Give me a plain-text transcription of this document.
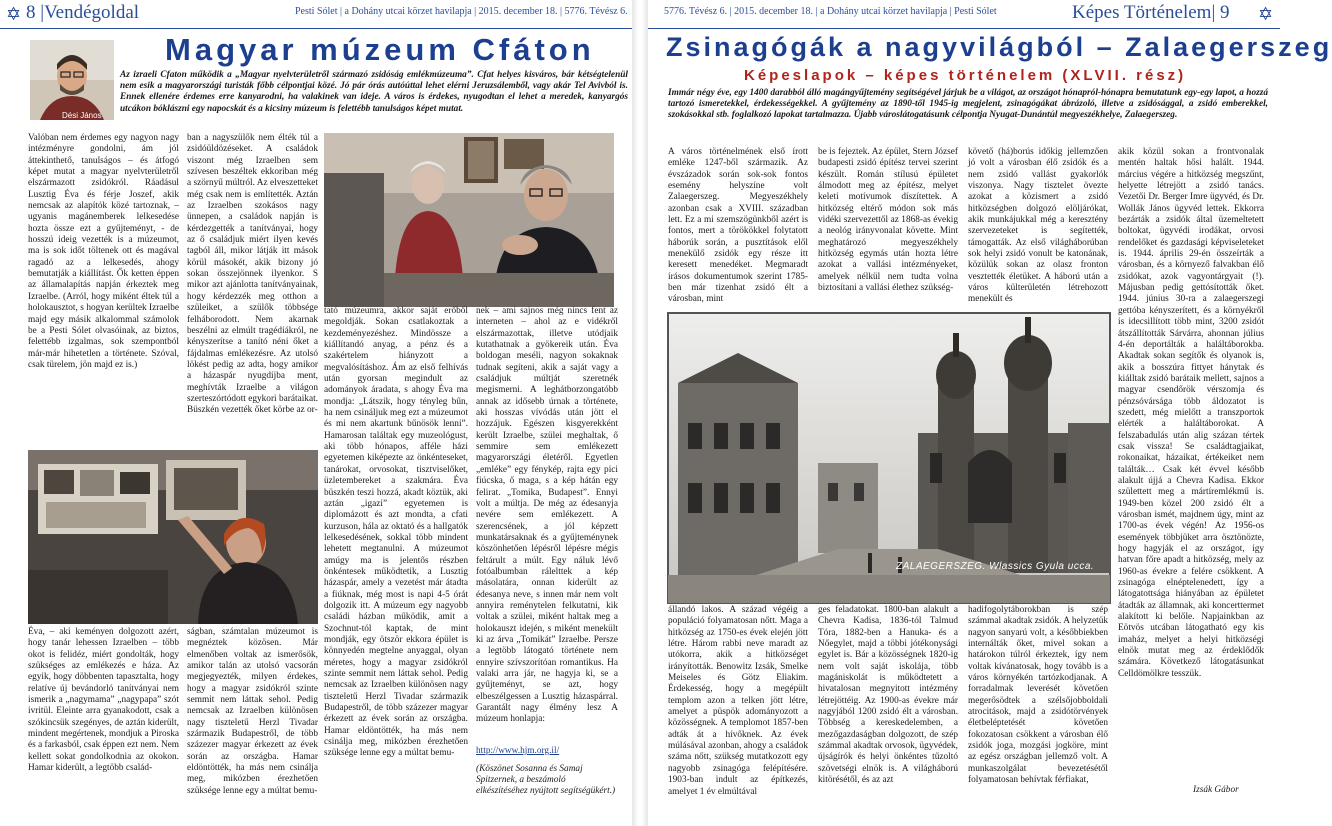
✡ 8 |Vendégoldal	Pesti Sólet | a Dohány utcai körzet havilapja | 2015. december 18. | 5776. Tévész 6.
Magyar múzeum Cfáton
Dési János
Az izraeli Cfaton működik a „Magyar nyelvterületről származó zsidóság emlékmúzeuma”. Cfat helyes kisváros, bár kétségtelenül nem esik a magyarországi turisták főbb célpontjai közé. Jó pár órás autóúttal lehet elérni Jeruzsálemből, vagy akár Tel Avivból is. Ennek ellenére érdemes erre kanyarodni, ha valakinek van ideje. A város is érdekes, nyugodtan el lehet a meredek, kanyargós utcákon bóklászni egy napocskát és a kicsiny múzeum is felettébb tanulságos képet mutat.
Valóban nem érdemes egy nagyon nagy intézményre gondolni, ám jól áttekinthető, tanulságos – és átfogó képet mutat a magyar nyelvterületről elszármazott zsidókról. Ráadásul Lusztig Éva és férje Joszef, akik nemcsak az alapítók közé tartoznak, – ugyanis magánemberek lelkesedése hozta össze ezt a gyűjteményt, - de hosszú ideig vezették is a múzeumot, ma is sok időt töltenek ott és magával ragadó az a lelkesedés, ahogy bemutatják a kiállítást. Ők ketten éppen az államalapítás napján érkeztek meg Izraelbe. (Arról, hogy miként éltek túl a holokausztot, s hogyan kerültek Izraelbe majd egy másik alkalommal számolok be a Pesti Sólet olvasóinak, az biztos, felettébb izgalmas, sok szempontból már-már hihetetlen a története. Szóval, csak türelem, jön majd ez is.)
ban a nagyszülők nem élték túl a zsidóüldözéseket. A családok viszont még Izraelben sem szívesen beszéltek ekkoriban még a szörnyű múltról. Az elveszetteket még csak nem is említették. Aztán az Izraelben szokásos nagy ünnepen, a családok napján is kérdezgették a tanítványai, hogy az ő családjuk miért ilyen kevés tagból áll, mikor látják itt mások körül másokét, akik bizony jó sokan összejönnek ilyenkor. S mikor azt ajánlotta tanítványainak, hogy kérdezzék meg otthon a szüleiket, a szülők többsége felháborodott. Nem akarnak beszélni az elmúlt tragédiákról, ne kényszerítse a tanító néni őket a fájdalmas emlékezésre. Az utolsó lökést pedig az adta, hogy amikor a házaspár nyugdíjba ment, meghívták Izraelbe a világon szerteszórtódott egykori barátaikat. Büszkén vezették őket körbe az or-
tató múzeumra, akkor saját erőből megoldják. Sokan csatlakoztak a kezdeményezéshez. Mindössze a kiállítandó anyag, a pénz és a szakértelem hiányzott a megvalósításhoz. Ám az első felhívás után gyorsan megindult az adományok áradata, s ahogy Éva ma mondja: „Látszik, hogy tényleg bűn, ha nem csináljuk meg ezt a múzeumot és mi nem akartunk bűnösök lenni”. Hamarosan találtak egy muzeológust, aki több hónapos, afféle házi egyetemen kiképezte az önkénteseket, tanárokat, orvosokat, tisztviselőket, üzletembereket a szakmára. Éva büszkén teszi hozzá, akadt köztük, aki aztán „igazi” egyetemen is diplomázott és azt mondta, a cfati kurzuson, hála az oktató és a hallgatók lelkesedésének, sokkal több mindent lehetett megtanulni. A múzeumot amúgy ma is jelentős részben önkéntesek működtetik, a Lusztig házaspár, amely a vezetést már átadta a fiúknak, még most is napi 4-5 órát dolgozik itt. A múzeum egy nagyobb családi házban működik, amit a Szochnut-tól kaptak, de mint mondják, egy ötször ekkora épület is könnyedén megtelne anyaggal, olyan méretes, hogy a magyar zsidókról szinte semmit nem láttak sehol. Pedig nemcsak az Izraelben különösen nagy tiszteletű Herzl Tivadar származik Budapestről, de több százezer magyar érkezett az évek során az országba. Hamar eldöntötték, ha más nem csinálja meg, mikózben érezhetően szüksége lenne egy a múltat bemu-
nek – ami sajnos még nincs fent az interneten – ahol az e vidékről elszármazottak, illetve utódjaik kutathatnak a gyökereik után. Éva boldogan meséli, nagyon sokaknak tudnak segíteni, akik a saját vagy a családjuk múltját szeretnék megismerni. A leghátborzongatóbb annak az idősebb úrnak a története, aki hosszas vívódás után jött el hozzájuk. Egészen kisgyerekként került Izraelbe, szülei meghaltak, ő semmire sem emlékezett magyarországi életéről. Egyetlen „emléke” egy fénykép, rajta egy pici fiúcska, ő maga, s a kép hátán egy felirat. „Tomika, Budapest”. Ennyi volt a múltja. De még az édesanyja nevére sem emlékezett. A szerencsének, a jól képzett munkatársaknak és a gyűjteménynek köszönhetően lépésről lépésre mégis feltárult a múlt. Egy náluk lévő fotóalbumban rálelttek a kép másolatára, onnan kiderült az édesanya neve, s innen már nem volt annyira reménytelen felkutatni, kik voltak a szülei, miként haltak meg a holokauszt idején, s miként menekült ki az árva „Tomikát” Izraelbe. Persze a legtöbb látogató története nem ennyire szívszorítóan romantikus. Ha valaki arra jár, ne hagyja ki, se a gyűjteményt, se azt, hogy elbeszélgessen a Lusztig házaspárral. Garantált nagy élmény lesz A múzeum honlapja:
http://www.hjm.org.il/
(Köszönet Sosanna és Samaj Spitzernek, a beszámoló elkészítéséhez nyújtott segítségükért.)
Éva, – aki keményen dolgozott azért, hogy tanár lehessen Izraelben – több okot is felidéz, miért gondolták, hogy szükséges az emlékezés e háza. Az egyik, hogy döbbenten tapasztalta, hogy relatíve új bevándorló tanítványai nem ismerik a „nagymama” „nagypapa” szót ivritül. Eleinte arra gyanakodott, csak a szókincsük szegényes, de aztán kiderült, mindent megértenek, mondjuk a Piroska és a farkasból, csak éppen ezt nem. Nem kellett sokat gondolkodnia az okokon. Hamar kiderült, a legtöbb család-
ságban, számtalan múzeumot is megnéztek közösen. Már elmenőben voltak az ismerősök, amikor talán az utolsó vacsorán megjegyezték, milyen érdekes, hogy a magyar zsidókról szinte semmit nem láttak sehol. Pedig nemcsak az Izraelben különösen nagy tiszteletű Herzl Tivadar származik Budapestről, de több százezer magyar érkezett az évek során az országba. Hamar eldöntötték, ha más nem csinálja meg, mikózben érezhetően szüksége lenne egy a múltat bemu-
5776. Tévész 6. | 2015. december 18. | a Dohány utcai körzet havilapja | Pesti Sólet	Képes Történelem| 9 ✡
Zsinagógák a nagyvilágból – Zalaegerszeg
Képeslapok – képes történelem (XLVII. rész)
Immár négy éve, egy 1400 darabból álló magángyűjtemény segítségével járjuk be a világot, az országot hónapról-hónapra bemutatunk egy-egy lapot, a hozzá tartozó ismeretekkel, érdekességekkel. A gyűjtemény az 1890-től 1945-ig megjelent, zsinagógákat ábrázoló, illetve a zsidósággal, a zsidó emberekkel, szokásokkal stb. foglalkozó lapokat tartalmazza. Újabb városlátogatásunk célpontja Nyugat-Dunántúl megyeszékhelye, Zalaegerszeg.
A város történelmének első írott emléke 1247-ből származik. Az évszázadok során sok-sok fontos esemény helyszíne volt Zalaegerszeg. Megyeszékhely azonban csak a XVIII. században lett. Ez a mi szemszögünkből azért is fontos, mert a törökökkel folytatott háborúk során, a pusztítások elől menekülő zsidók egy része itt keresett menedéket. Megmaradt írásos dokumentumok szerint 1785-ben már tizenhat zsidó élt a városban, mint
be is fejeztek. Az épület, Stern József budapesti zsidó építész tervei szerint készült. Román stílusú épületet álmodott meg az építész, melyet keleti motívumok díszítettek. A hitközség eltérő módon sok más vidéki szervezettől az 1868-as évekig a neológ irányvonalat követte. Mint meghatározó megyeszékhely hitközség egymás után hozta létre azokat a vallási intézményeket, amelyek nélkül nem tudta volna biztosítani a vallási élethez szükség-
követő (há)borús időkig jellemzően jó volt a városban élő zsidók és a nem zsidó vallást gyakorlók viszonya. Nagy tisztelet övezte azokat a közismert a zsidó hitközségben dolgozó elöljárókat, akik munkájukkal még a keresztény szervezeteket is segítették, támogatták. Az első világháborúban sok helyi zsidó vonult be katonának, közülük sokan az olasz fronton vesztették életüket. A háború után a város külterületén létrehozott menekült és
akik közül sokan a frontvonalak mentén haltak hősi halált. 1944. március végére a hitközség megszűnt, helyette létrejött a zsidó tanács. Vezetői Dr. Berger Imre ügyvéd, és Dr. Wollák János ügyvéd lettek. Ekkorra bezárták a zsidók által üzemeltetett boltokat, ügyvédi irodákat, orvosi rendelőket és gazdasági képviseleteket is. 1944. április 29-én összeírták a városban, és a környező falvakban élő zsidókat, azok vagyontárgyait (!). Májusban pedig gettósították őket. 1944. június 30-ra a zalaegerszegi gettóba kényszerített, és a környékről is idecsillított több mint, 3200 zsidót átszállították Sárvárra, ahonnan július 4-én deportálták a haláltáborokba. Akadtak sokan segítők és olyanok is, akik a bosszúra fittyet hánytak és kiálltak zsidó barátaik mellett, sajnos a magyar csendőrök vérszomja és pénzsóvársága több áldozatot is szedett, még mielőtt a transzportok elérték a haláltáborokat. A felszabadulás után alig százan tértek csak vissza! Se családtagjaikat, rokonaikat, házaikat, értékeiket nem találták… Csak két évvel később alakult újjá a Chevra Kadisa. Ekkor születtett meg a mártíremlékmű is. 1949-ben közel 200 zsidó élt a városban ismét, majdnem úgy, mint az 1700-as évek végén! Az 1956-os események többjüket arra ösztönözte, hogy hagyják el az országot, így hatvan főre apadt a hitközség, mely az 1960-as évekre a felére csökkent. A zsinagóga elnéptelenedett, így a látogatottsága hiányában az épületet átadták az államnak, aki koncerttermet alakított ki belőle. Napjainkban az Eötvös utcában látogatható egy kis imaház, melyet a helyi hitközségi elnök mutat meg az érdeklődők számára. Következő látogatásunkat Celldömölkre tesszük.
Izsák Gábor
ZALAEGERSZEG. Wlassics Gyula ucca.
állandó lakos. A század végéig a populáció folyamatosan nőtt. Maga a hitközség az 1750-es évek elején jött létre. Három rabbi neve maradt az utókorra, akik a hitközséget irányították. Benowitz Izsák, Smelke Meiseles és Götz Eliakim. Érdekesség, hogy a megépült templom azon a telken jött létre, amelyet a püspök adományozott a közösségnek. A templomot 1857-ben adták át a hívőknek. Az évek múlásával azonban, ahogy a családok száma nőtt, szükség mutatkozott egy nagyobb zsinagóga felépítésére. 1903-ban indult az építkezés, amelyet 1 év elmúltával
ges feladatokat. 1800-ban alakult a Chevra Kadisa, 1836-tól Talmud Tóra, 1882-ben a Hanuka- és a Nőegylet, majd a többi jótékonysági egylet is. Bár a közösségnek 1820-ig nem volt saját iskolája, több magániskolát is működtetett a hivatalosan megnyitott intézmény létrejöttéig. Az 1900-as évekre már nagyjából 1200 zsidó élt a városban. Többség a kereskedelemben, a mezőgazdaságban dolgozott, de szép számmal akadtak orvosok, ügyvédek, újságírók és helyi önkéntes tűzoltó szövetségi elnök is. A világháború kitörésétől, és az azt
hadifogolytáborokban is szép számmal akadtak zsidók. A helyzetük nagyon sanyarú volt, a későbbiekben internálták őket, mivel sokan a határokon túlról érkeztek, így nem voltak kívánatosak, hogy tovább is a város környékén tartózkodjanak. A forradalmak leverését követően megerősödtek a szélsőjobboldali atrocitások, majd a zsidótörvények életbeléptetését követően fokozatosan csökkent a városban élő zsidók joga, mozgási jogköre, mint az egész országban jellemző volt. A munkaszolgálat bevezetésétől folyamatosan behívtak férfiakat,
